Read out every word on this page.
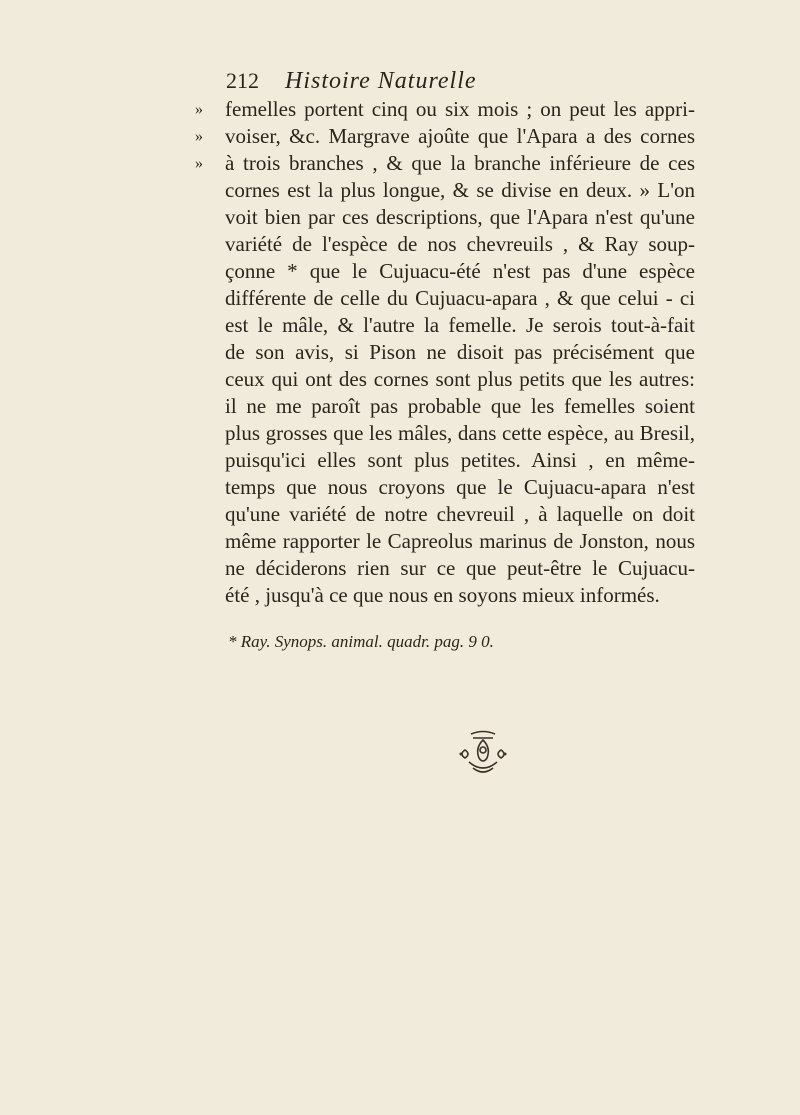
212 Histoire Naturelle
» femelles portent cinq ou six mois ; on peut les appri-
» voiser, &c. Margrave ajoûte que l'Apara a des cornes
» à trois branches , & que la branche inférieure de ces
cornes est la plus longue, & se divise en deux. » L'on
voit bien par ces descriptions, que l'Apara n'est qu'une
variété de l'espèce de nos chevreuils , & Ray soup-
çonne * que le Cujuacu-été n'est pas d'une espèce
différente de celle du Cujuacu-apara , & que celui - ci
est le mâle, & l'autre la femelle. Je serois tout-à-fait
de son avis, si Pison ne disoit pas précisément que
ceux qui ont des cornes sont plus petits que les autres:
il ne me paroît pas probable que les femelles soient
plus grosses que les mâles, dans cette espèce, au Bresil,
puisqu'ici elles sont plus petites. Ainsi , en même-
temps que nous croyons que le Cujuacu-apara n'est
qu'une variété de notre chevreuil , à laquelle on doit
même rapporter le Capreolus marinus de Jonston, nous
ne déciderons rien sur ce que peut-être le Cujuacu-
été , jusqu'à ce que nous en soyons mieux informés.
* Ray. Synops. animal. quadr. pag. 9 0.
